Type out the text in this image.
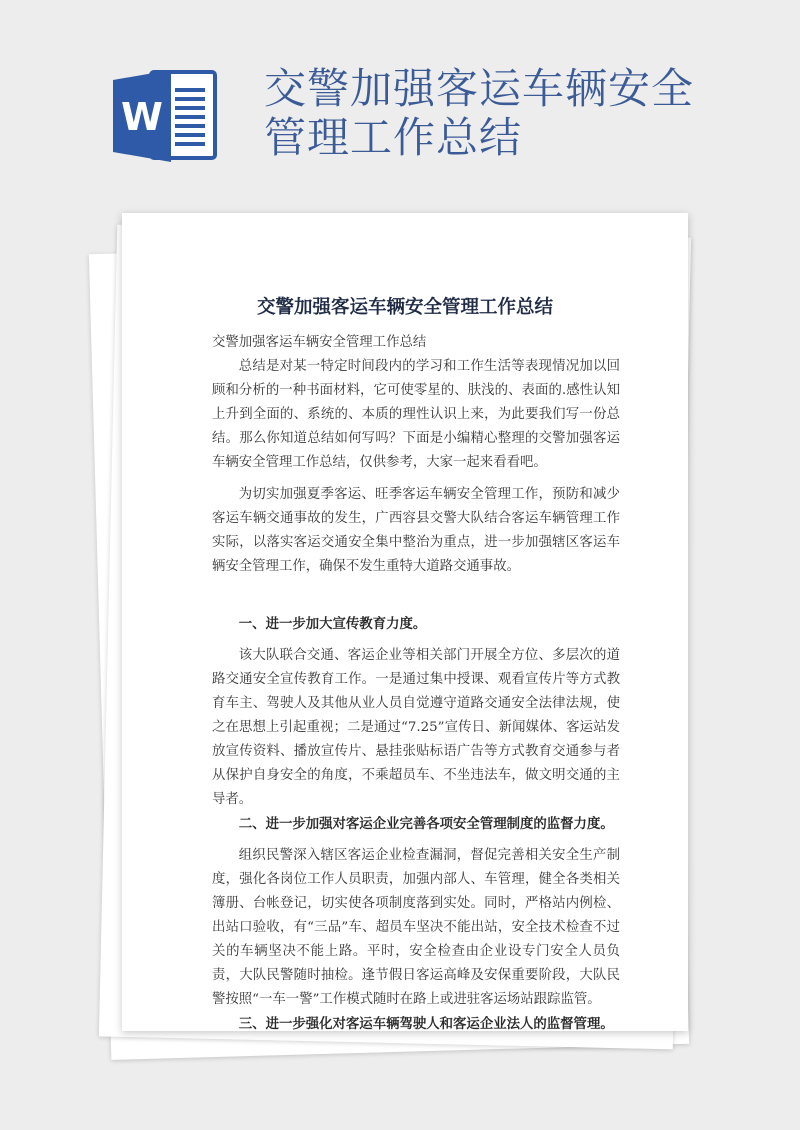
W
交警加强客运车辆安全管理工作总结
交警加强客运车辆安全管理工作总结

交警加强客运车辆安全管理工作总结

总结是对某一特定时间段内的学习和工作生活等表现情况加以回顾和分析的一种书面材料，它可使零星的、肤浅的、表面的.感性认知上升到全面的、系统的、本质的理性认识上来，为此要我们写一份总结。那么你知道总结如何写吗？下面是小编精心整理的交警加强客运车辆安全管理工作总结，仅供参考，大家一起来看看吧。

为切实加强夏季客运、旺季客运车辆安全管理工作，预防和减少客运车辆交通事故的发生，广西容县交警大队结合客运车辆管理工作实际，以落实客运交通安全集中整治为重点，进一步加强辖区客运车辆安全管理工作，确保不发生重特大道路交通事故。

一、进一步加大宣传教育力度。

该大队联合交通、客运企业等相关部门开展全方位、多层次的道路交通安全宣传教育工作。一是通过集中授课、观看宣传片等方式教育车主、驾驶人及其他从业人员自觉遵守道路交通安全法律法规，使之在思想上引起重视；二是通过“7.25”宣传日、新闻媒体、客运站发放宣传资料、播放宣传片、悬挂张贴标语广告等方式教育交通参与者从保护自身安全的角度，不乘超员车、不坐违法车，做文明交通的主导者。

二、进一步加强对客运企业完善各项安全管理制度的监督力度。

组织民警深入辖区客运企业检查漏洞，督促完善相关安全生产制度，强化各岗位工作人员职责，加强内部人、车管理，健全各类相关簿册、台帐登记，切实使各项制度落到实处。同时，严格站内例检、出站口验收，有“三品”车、超员车坚决不能出站，安全技术检查不过关的车辆坚决不能上路。平时，安全检查由企业设专门安全人员负责，大队民警随时抽检。逢节假日客运高峰及安保重要阶段，大队民警按照“一车一警”工作模式随时在路上或进驻客运场站跟踪监管。

三、进一步强化对客运车辆驾驶人和客运企业法人的监督管理。
